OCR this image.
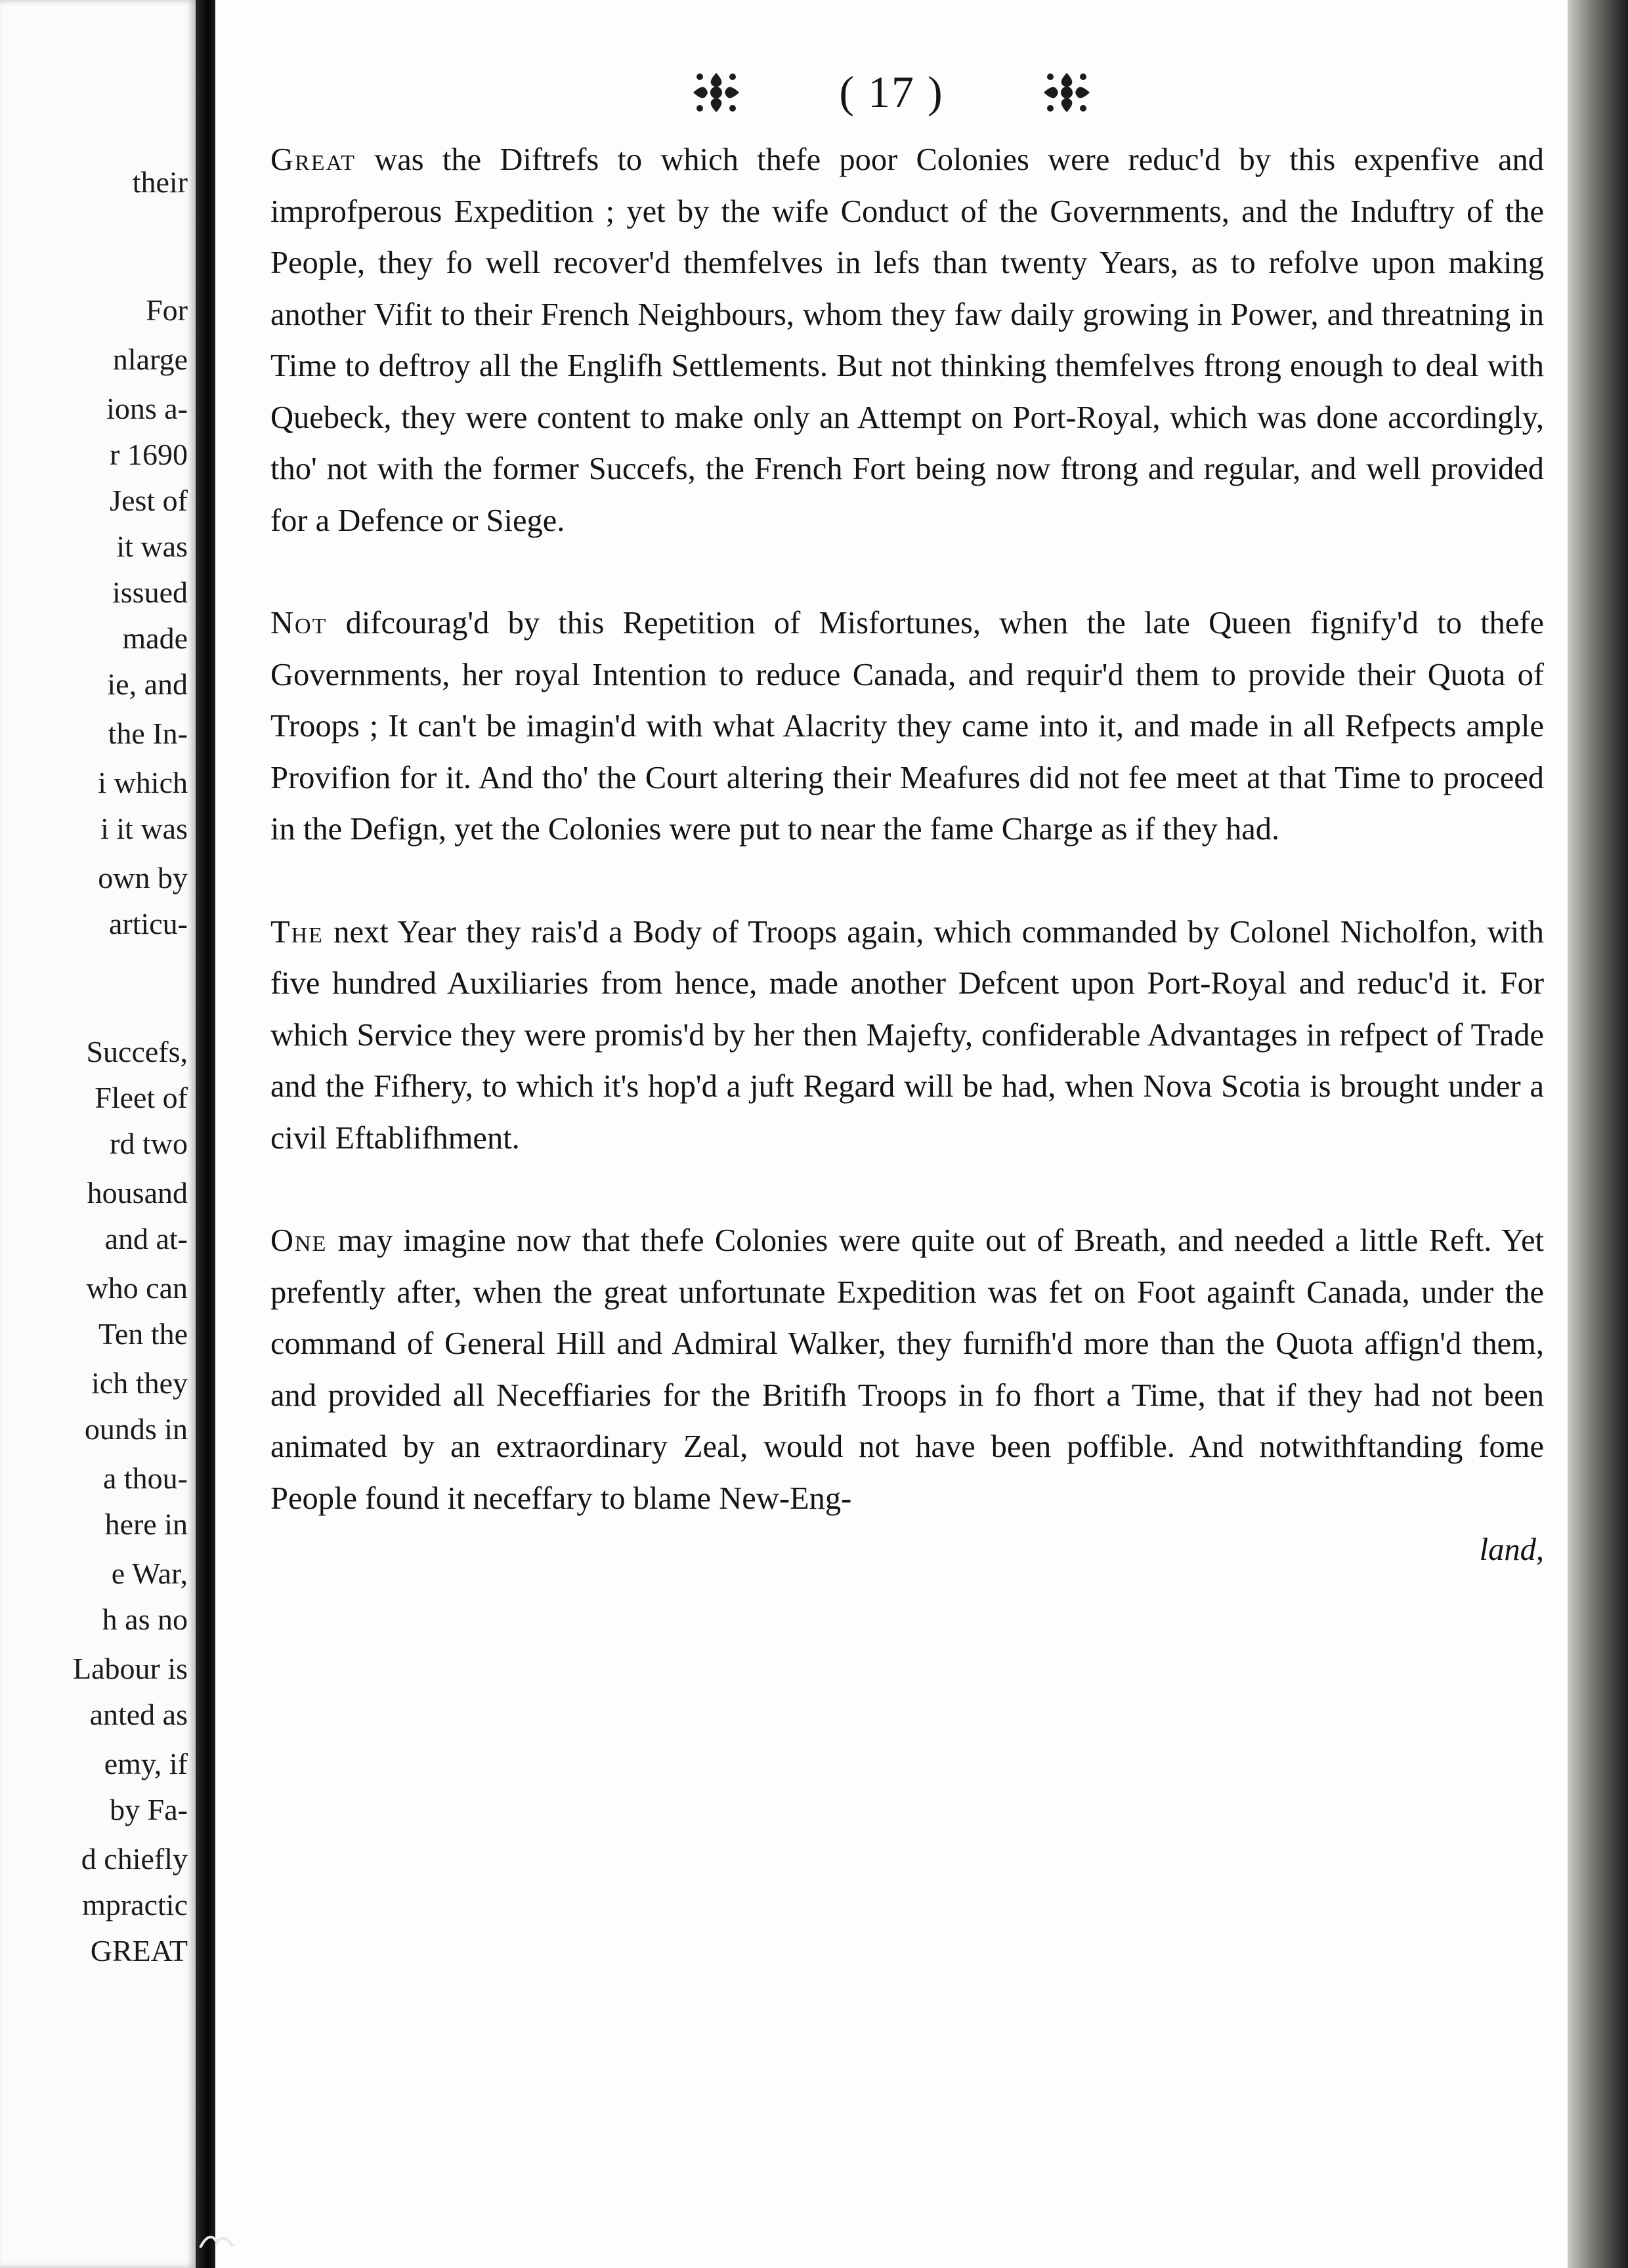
their
For
nlarge
ions a-
r 1690
Jest of
it was
issued
made
ie, and
the In-
i which
i it was
own by
articu-
Succefs,
Fleet of
rd two
housand
and at-
who can
Ten the
ich they
ounds in
a thou-
here in
e War,
h as no
Labour is
anted as
emy, if
by Fa-
d chiefly
mpractic
GREAT
( 17 )

Great was the Diftrefs to which thefe poor Colonies were reduc'd by this expenfive and improfperous Expedition ; yet by the wife Conduct of the Governments, and the Induftry of the People, they fo well recover'd themfelves in lefs than twenty Years, as to refolve upon making another Vifit to their French Neighbours, whom they faw daily growing in Power, and threatning in Time to deftroy all the Englifh Settlements. But not thinking themfelves ftrong enough to deal with Quebeck, they were content to make only an Attempt on Port-Royal, which was done accordingly, tho' not with the former Succefs, the French Fort being now ftrong and regular, and well provided for a Defence or Siege.

Not difcourag'd by this Repetition of Misfortunes, when the late Queen fignify'd to thefe Governments, her royal Intention to reduce Canada, and requir'd them to provide their Quota of Troops ; It can't be imagin'd with what Alacrity they came into it, and made in all Refpects ample Provifion for it. And tho' the Court altering their Meafures did not fee meet at that Time to proceed in the Defign, yet the Colonies were put to near the fame Charge as if they had.

The next Year they rais'd a Body of Troops again, which commanded by Colonel Nicholfon, with five hundred Auxiliaries from hence, made another Defcent upon Port-Royal and reduc'd it. For which Service they were promis'd by her then Majefty, confiderable Advantages in refpect of Trade and the Fifhery, to which it's hop'd a juft Regard will be had, when Nova Scotia is brought under a civil Eftablifhment.

One may imagine now that thefe Colonies were quite out of Breath, and needed a little Reft. Yet prefently after, when the great unfortunate Expedition was fet on Foot againft Canada, under the command of General Hill and Admiral Walker, they furnifh'd more than the Quota affign'd them, and provided all Neceffiaries for the Britifh Troops in fo fhort a Time, that if they had not been animated by an extraordinary Zeal, would not have been poffible. And notwithftanding fome People found it neceffary to blame New-Eng-

land,
